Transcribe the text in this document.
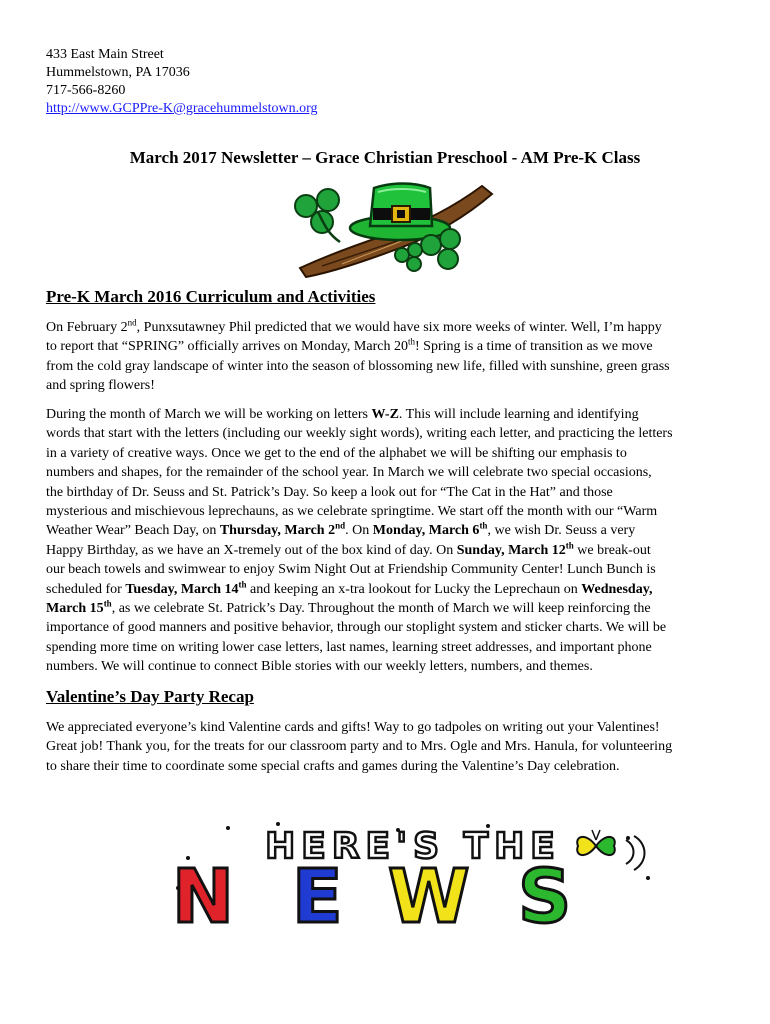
433 East Main Street
Hummelstown, PA 17036
717-566-8260
http://www.GCPPre-K@gracehummelstown.org
March 2017 Newsletter – Grace Christian Preschool - AM Pre-K Class
Pre-K March 2016 Curriculum and Activities
On February 2nd, Punxsutawney Phil predicted that we would have six more weeks of winter. Well, I’m happy
to report that “SPRING” officially arrives on Monday, March 20th! Spring is a time of transition as we move
from the cold gray landscape of winter into the season of blossoming new life, filled with sunshine, green grass
and spring flowers!
During the month of March we will be working on letters W-Z. This will include learning and identifying
words that start with the letters (including our weekly sight words), writing each letter, and practicing the letters
in a variety of creative ways. Once we get to the end of the alphabet we will be shifting our emphasis to
numbers and shapes, for the remainder of the school year. In March we will celebrate two special occasions,
the birthday of Dr. Seuss and St. Patrick’s Day. So keep a look out for “The Cat in the Hat” and those
mysterious and mischievous leprechauns, as we celebrate springtime. We start off the month with our “Warm
Weather Wear” Beach Day, on Thursday, March 2nd. On Monday, March 6th, we wish Dr. Seuss a very
Happy Birthday, as we have an X-tremely out of the box kind of day. On Sunday, March 12th we break-out
our beach towels and swimwear to enjoy Swim Night Out at Friendship Community Center! Lunch Bunch is
scheduled for Tuesday, March 14th and keeping an x-tra lookout for Lucky the Leprechaun on Wednesday,
March 15th, as we celebrate St. Patrick’s Day. Throughout the month of March we will keep reinforcing the
importance of good manners and positive behavior, through our stoplight system and sticker charts. We will be
spending more time on writing lower case letters, last names, learning street addresses, and important phone
numbers. We will continue to connect Bible stories with our weekly letters, numbers, and themes.
Valentine’s Day Party Recap
We appreciated everyone’s kind Valentine cards and gifts! Way to go tadpoles on writing out your Valentines!
Great job! Thank you, for the treats for our classroom party and to Mrs. Ogle and Mrs. Hanula, for volunteering
to share their time to coordinate some special crafts and games during the Valentine’s Day celebration.
HERE'S THE
N E W S
